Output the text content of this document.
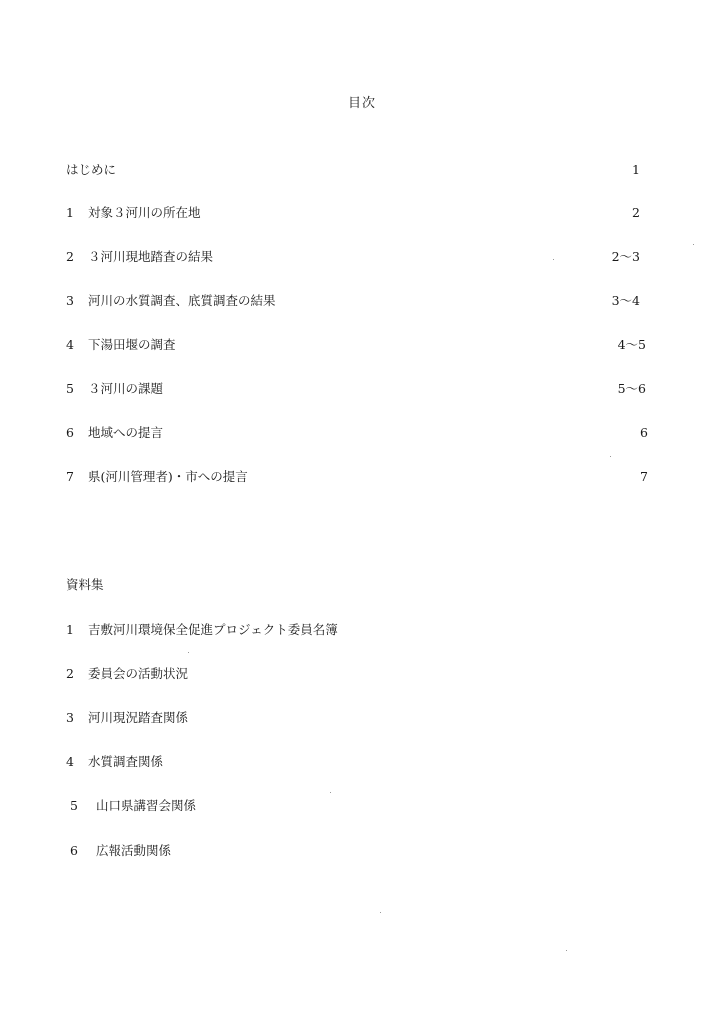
目次
はじめに	1
1 対象３河川の所在地	2
2 ３河川現地踏査の結果	2～3
3 河川の水質調査、底質調査の結果	3～4
4 下湯田堰の調査	4～5
5 ３河川の課題	5～6
6 地域への提言	6
7 県(河川管理者)・市への提言	7
資料集
1 吉敷河川環境保全促進プロジェクト委員名簿
2 委員会の活動状況
3 河川現況踏査関係
4 水質調査関係
5 山口県講習会関係
6 広報活動関係
